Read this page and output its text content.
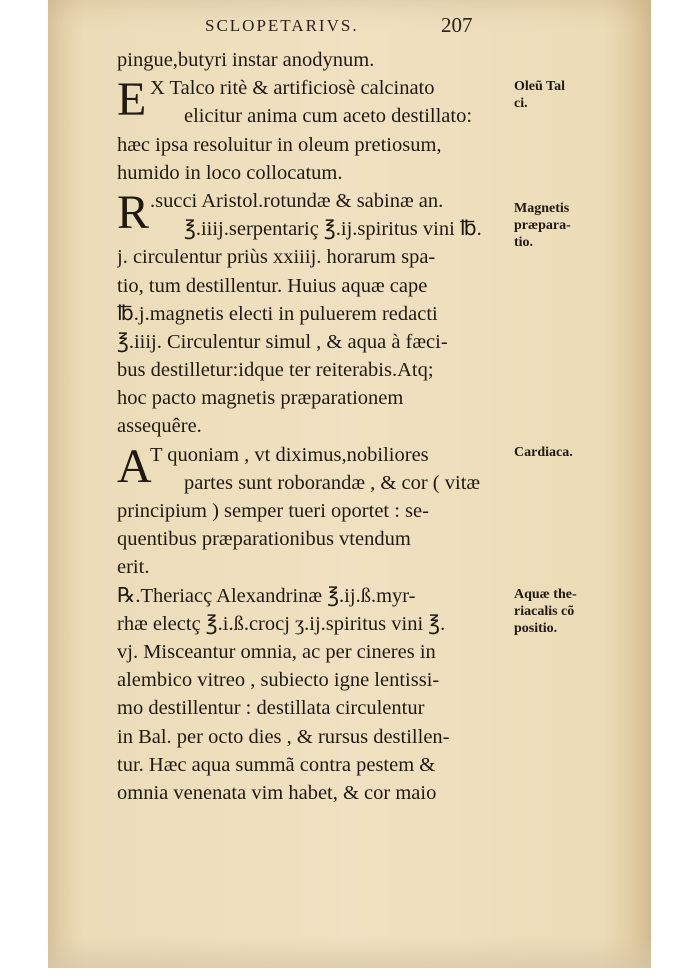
SCLOPETARIVS.	207
pingue,butyri instar anodynum.
E X Talco ritè & artificiosè calcinato
elicitur anima cum aceto destillato:
hæc ipsa resoluitur in oleum pretiosum,
humido in loco collocatum.
R .succi Aristol.rotundæ & sabinæ an.
℥.iiij.serpentariç ℥.ij.spiritus vini ℔.
j. circulentur priùs xxiiij. horarum spa-
tio, tum destillentur. Huius aquæ cape
℔.j.magnetis electi in puluerem redacti
℥.iiij. Circulentur simul , & aqua à fæci-
bus destilletur:idque ter reiterabis.Atq;
hoc pacto magnetis præparationem
assequêre.
A
T quoniam , vt diximus,nobiliores
partes sunt roborandæ , & cor ( vitæ
principium ) semper tueri oportet : se-
quentibus præparationibus vtendum
erit.
℞.Theriacç Alexandrinæ ℥.ij.ß.myr-
rhæ electç ℥.i.ß.crocj ʒ.ij.spiritus vini ℥.
vj. Misceantur omnia, ac per cineres in
alembico vitreo , subiecto igne lentissi-
mo destillentur : destillata circulentur
in Bal. per octo dies , & rursus destillen-
tur. Hæc aqua summã contra pestem &
omnia venenata vim habet, & cor maio
Oleũ Tal
ci.
Magnetis
præpara-
tio.
Cardiaca.
Aquæ the-
riacalis cõ
positio.
